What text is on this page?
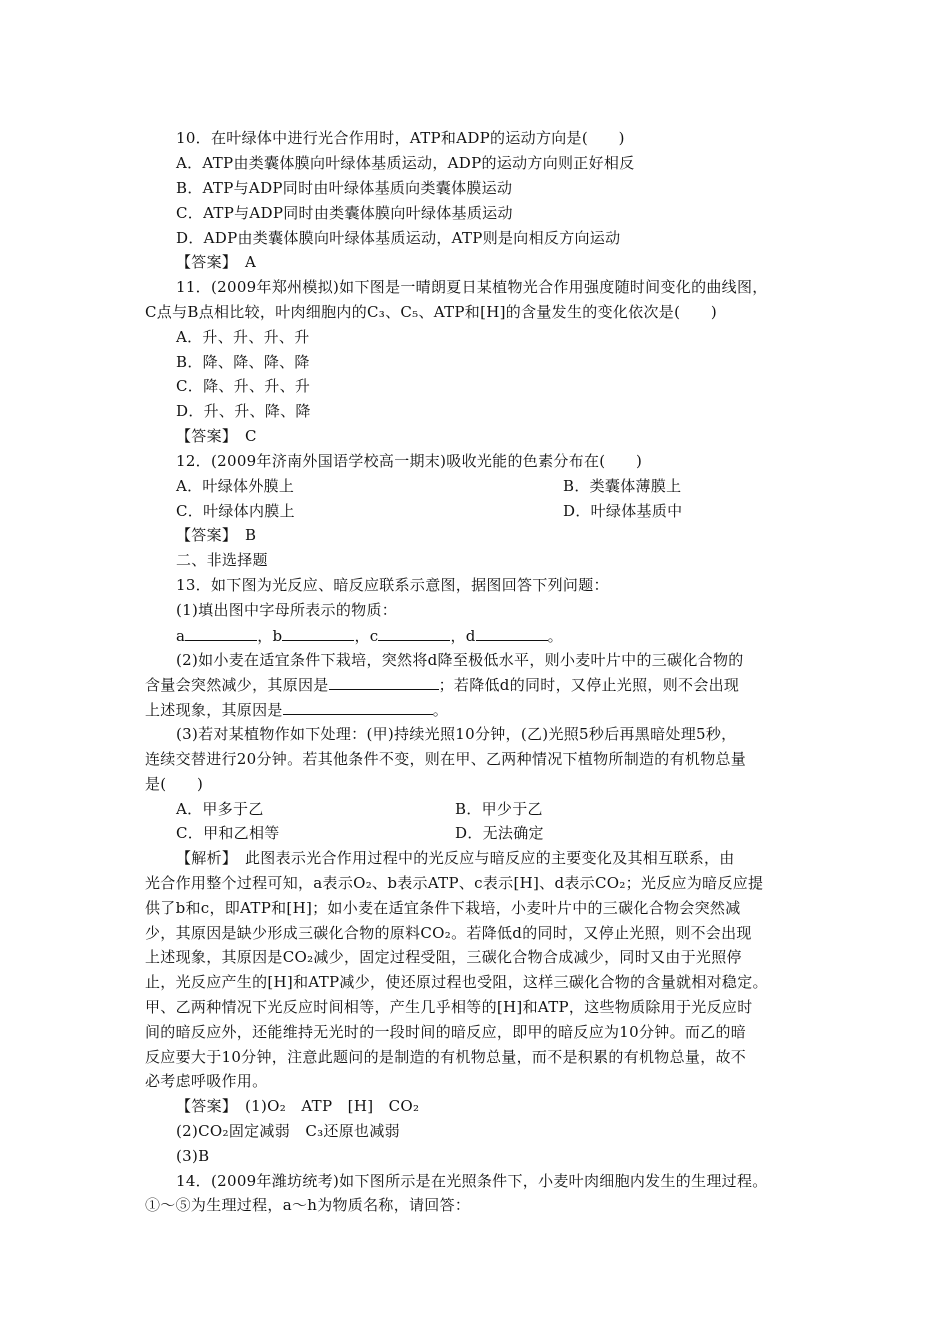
10．在叶绿体中进行光合作用时，ATP和ADP的运动方向是(　　)
A．ATP由类囊体膜向叶绿体基质运动，ADP的运动方向则正好相反
B．ATP与ADP同时由叶绿体基质向类囊体膜运动
C．ATP与ADP同时由类囊体膜向叶绿体基质运动
D．ADP由类囊体膜向叶绿体基质运动，ATP则是向相反方向运动
【答案】　A
11．(2009年郑州模拟)如下图是一晴朗夏日某植物光合作用强度随时间变化的曲线图，
C点与B点相比较，叶肉细胞内的C₃、C₅、ATP和[H]的含量发生的变化依次是(　　)
A．升、升、升、升
B．降、降、降、降
C．降、升、升、升
D．升、升、降、降
【答案】　C
12．(2009年济南外国语学校高一期末)吸收光能的色素分布在(　　)
A．叶绿体外膜上	B．类囊体薄膜上
C．叶绿体内膜上	D．叶绿体基质中
【答案】　B
二、非选择题
13．如下图为光反应、暗反应联系示意图，据图回答下列问题：
(1)填出图中字母所表示的物质：
a	，b	，c	，d	。
(2)如小麦在适宜条件下栽培，突然将d降至极低水平，则小麦叶片中的三碳化合物的
含量会突然减少，其原因是	；若降低d的同时，又停止光照，则不会出现
上述现象，其原因是	。
(3)若对某植物作如下处理：(甲)持续光照10分钟，(乙)光照5秒后再黑暗处理5秒，
连续交替进行20分钟。若其他条件不变，则在甲、乙两种情况下植物所制造的有机物总量
是(　　)
A．甲多于乙	B．甲少于乙
C．甲和乙相等	D．无法确定
【解析】　此图表示光合作用过程中的光反应与暗反应的主要变化及其相互联系，由
光合作用整个过程可知，a表示O₂、b表示ATP、c表示[H]、d表示CO₂；光反应为暗反应提
供了b和c，即ATP和[H]；如小麦在适宜条件下栽培，小麦叶片中的三碳化合物会突然减
少，其原因是缺少形成三碳化合物的原料CO₂。若降低d的同时，又停止光照，则不会出现
上述现象，其原因是CO₂减少，固定过程受阻，三碳化合物合成减少，同时又由于光照停
止，光反应产生的[H]和ATP减少，使还原过程也受阻，这样三碳化合物的含量就相对稳定。
甲、乙两种情况下光反应时间相等，产生几乎相等的[H]和ATP，这些物质除用于光反应时
间的暗反应外，还能维持无光时的一段时间的暗反应，即甲的暗反应为10分钟。而乙的暗
反应要大于10分钟，注意此题问的是制造的有机物总量，而不是积累的有机物总量，故不
必考虑呼吸作用。
【答案】　(1)O₂　ATP　[H]　CO₂
(2)CO₂固定减弱　C₃还原也减弱
(3)B
14．(2009年潍坊统考)如下图所示是在光照条件下，小麦叶肉细胞内发生的生理过程。
①～⑤为生理过程，a～h为物质名称，请回答：
